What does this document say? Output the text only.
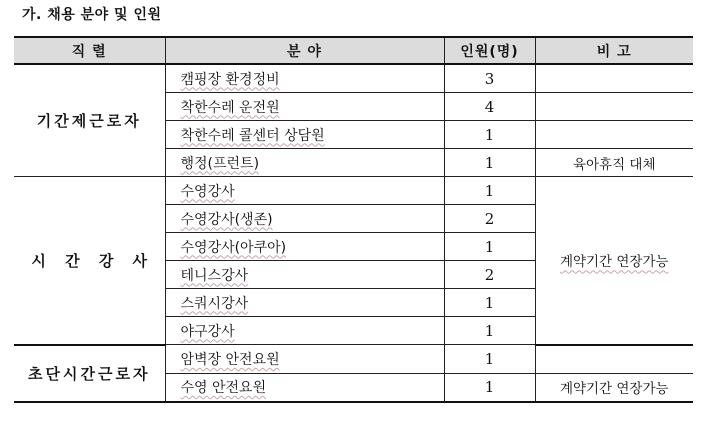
가. 채용 분야 및 인원
직 렬	분 야	인원(명)	비 고
기간제근로자	캠핑장 환경정비	3	
	착한수레 운전원	4	
	착한수레 콜센터 상담원	1	
	행정(프런트)	1	육아휴직 대체
시 간 강 사	수영강사	1	계약기간 연장가능
	수영강사(생존)	2	
	수영강사(아쿠아)	1	
	테니스강사	2	
	스쿼시강사	1	
	야구강사	1	
초단시간근로자	암벽장 안전요원	1	
	수영 안전요원	1	계약기간 연장가능
